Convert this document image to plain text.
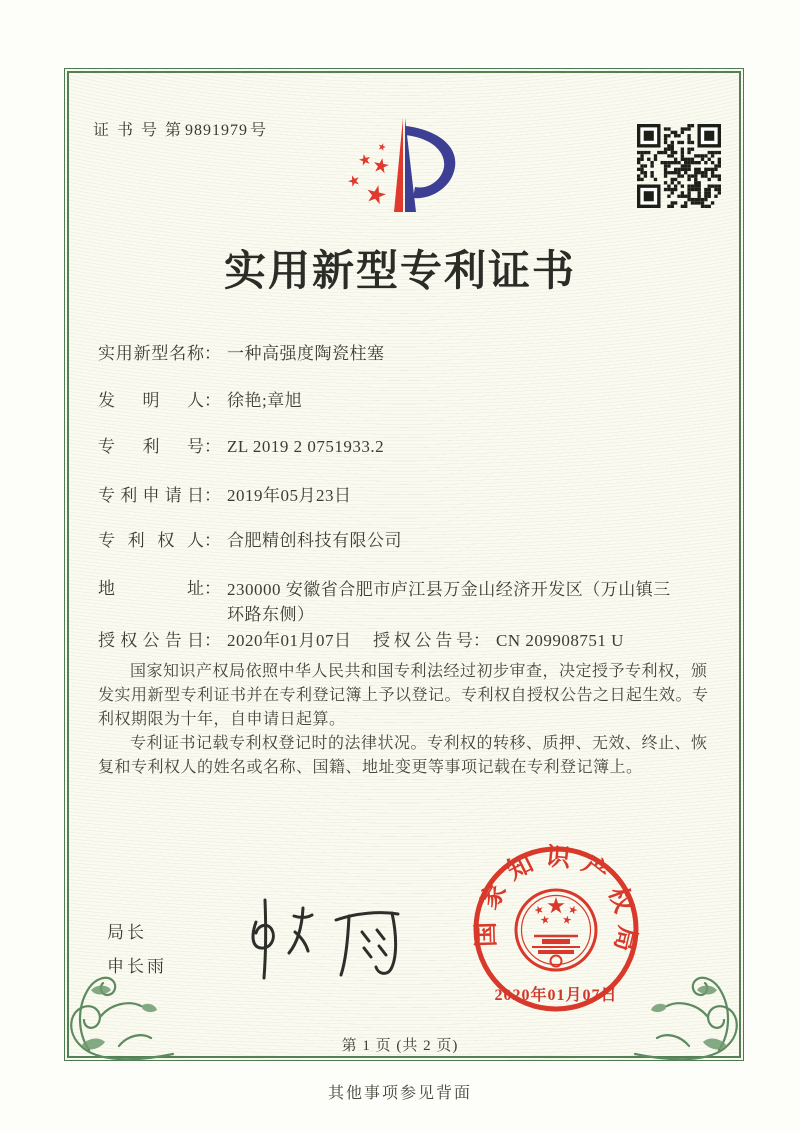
证 书 号 第 9891979 号
实用新型专利证书
实用新型名称： 一种高强度陶瓷柱塞
发明人： 徐艳;章旭
专利号： ZL 2019 2 0751933.2
专利申请日： 2019年05月23日
专利权人： 合肥精创科技有限公司
地址： 230000 安徽省合肥市庐江县万金山经济开发区（万山镇三环路东侧）
授权公告日： 2020年01月07日 授权公告号： CN 209908751 U

国家知识产权局依照中华人民共和国专利法经过初步审查，决定授予专利权，颁发实用新型专利证书并在专利登记簿上予以登记。专利权自授权公告之日起生效。专利权期限为十年，自申请日起算。

专利证书记载专利权登记时的法律状况。专利权的转移、质押、无效、终止、恢复和专利权人的姓名或名称、国籍、地址变更等事项记载在专利登记簿上。

局长
申长雨
国家知识产权局
2020年01月07日
第 1 页 (共 2 页)
其他事项参见背面
